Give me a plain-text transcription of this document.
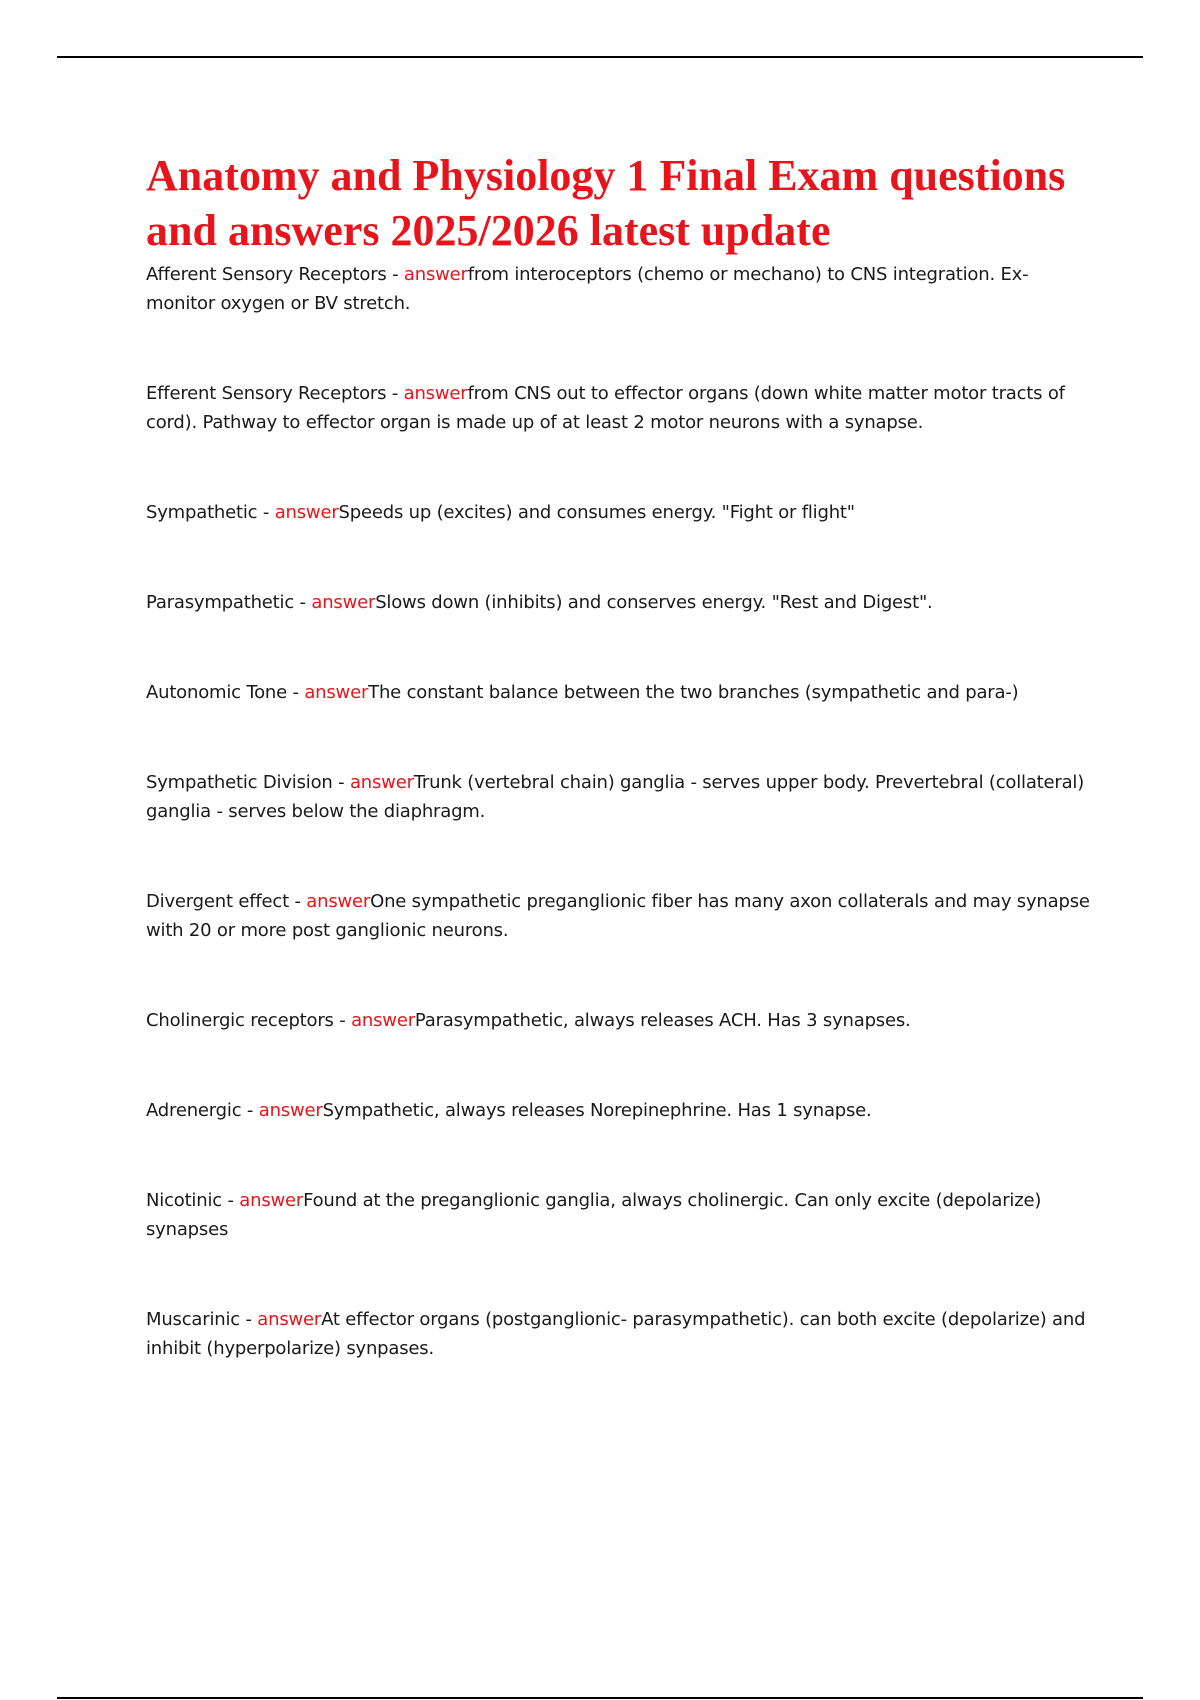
Anatomy and Physiology 1 Final Exam questions and answers 2025/2026 latest update

Afferent Sensory Receptors - answerfrom interoceptors (chemo or mechano) to CNS integration. Ex- monitor oxygen or BV stretch.

Efferent Sensory Receptors - answerfrom CNS out to effector organs (down white matter motor tracts of cord). Pathway to effector organ is made up of at least 2 motor neurons with a synapse.

Sympathetic - answerSpeeds up (excites) and consumes energy. "Fight or flight"

Parasympathetic - answerSlows down (inhibits) and conserves energy. "Rest and Digest".

Autonomic Tone - answerThe constant balance between the two branches (sympathetic and para-)

Sympathetic Division - answerTrunk (vertebral chain) ganglia - serves upper body. Prevertebral (collateral) ganglia - serves below the diaphragm.

Divergent effect - answerOne sympathetic preganglionic fiber has many axon collaterals and may synapse with 20 or more post ganglionic neurons.

Cholinergic receptors - answerParasympathetic, always releases ACH. Has 3 synapses.

Adrenergic - answerSympathetic, always releases Norepinephrine. Has 1 synapse.

Nicotinic - answerFound at the preganglionic ganglia, always cholinergic. Can only excite (depolarize) synapses

Muscarinic - answerAt effector organs (postganglionic- parasympathetic). can both excite (depolarize) and inhibit (hyperpolarize) synpases.
